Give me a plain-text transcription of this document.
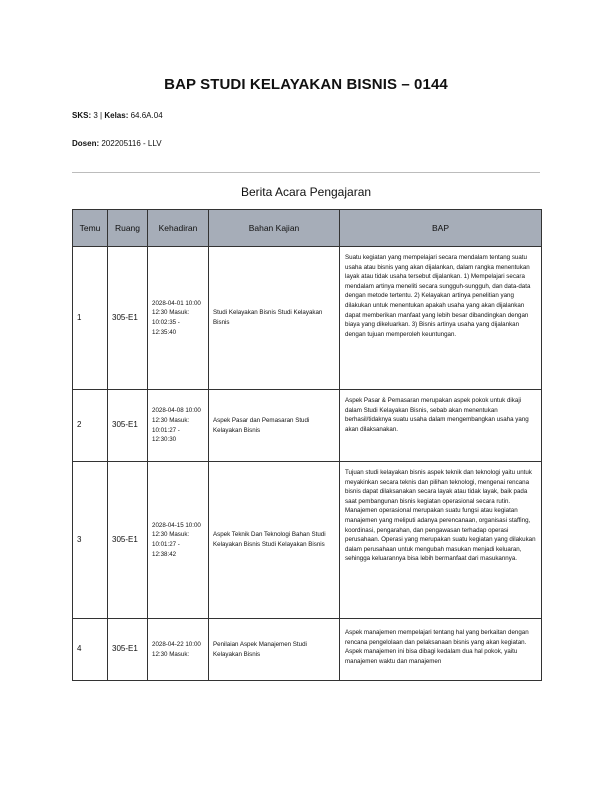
BAP STUDI KELAYAKAN BISNIS – 0144
SKS: 3 | Kelas: 64.6A.04
Dosen: 202205116 - LLV
Berita Acara Pengajaran
Temu	Ruang	Kehadiran	Bahan Kajian	BAP
1	305-E1	2028-04-01 10:00 12:30 Masuk: 10:02:35 - 12:35:40	Studi Kelayakan Bisnis Studi Kelayakan Bisnis	Suatu kegiatan yang mempelajari secara mendalam tentang suatu usaha atau bisnis yang akan dijalankan, dalam rangka menentukan layak atau tidak usaha tersebut dijalankan. 1) Mempelajari secara mendalam artinya meneliti secara sungguh-sungguh, dan data-data dengan metode tertentu. 2) Kelayakan artinya penelitian yang dilakukan untuk menentukan apakah usaha yang akan dijalankan dapat memberikan manfaat yang lebih besar dibandingkan dengan biaya yang dikeluarkan. 3) Bisnis artinya usaha yang dijalankan dengan tujuan memperoleh keuntungan.
2	305-E1	2028-04-08 10:00 12:30 Masuk: 10:01:27 - 12:30:30	Aspek Pasar dan Pemasaran Studi Kelayakan Bisnis	Aspek Pasar & Pemasaran merupakan aspek pokok untuk dikaji dalam Studi Kelayakan Bisnis, sebab akan menentukan berhasil/tidaknya suatu usaha dalam mengembangkan usaha yang akan dilaksanakan.
3	305-E1	2028-04-15 10:00 12:30 Masuk: 10:01:27 - 12:38:42	Aspek Teknik Dan Teknologi Bahan Studi Kelayakan Bisnis Studi Kelayakan Bisnis	Tujuan studi kelayakan bisnis aspek teknik dan teknologi yaitu untuk meyakinkan secara teknis dan pilihan teknologi, mengenai rencana bisnis dapat dilaksanakan secara layak atau tidak layak, baik pada saat pembangunan bisnis kegiatan operasional secara rutin. Manajemen operasional merupakan suatu fungsi atau kegiatan manajemen yang meliputi adanya perencanaan, organisasi staffing, koordinasi, pengarahan, dan pengawasan terhadap operasi perusahaan. Operasi yang merupakan suatu kegiatan yang dilakukan dalam perusahaan untuk mengubah masukan menjadi keluaran, sehingga keluarannya bisa lebih bermanfaat dari masukannya.
4	305-E1	2028-04-22 10:00 12:30 Masuk:	Penilaian Aspek Manajemen Studi Kelayakan Bisnis	Aspek manajemen mempelajari tentang hal yang berkaitan dengan rencana pengelolaan dan pelaksanaan bisnis yang akan kegiatan. Aspek manajemen ini bisa dibagi kedalam dua hal pokok, yaitu manajemen waktu dan manajemen
